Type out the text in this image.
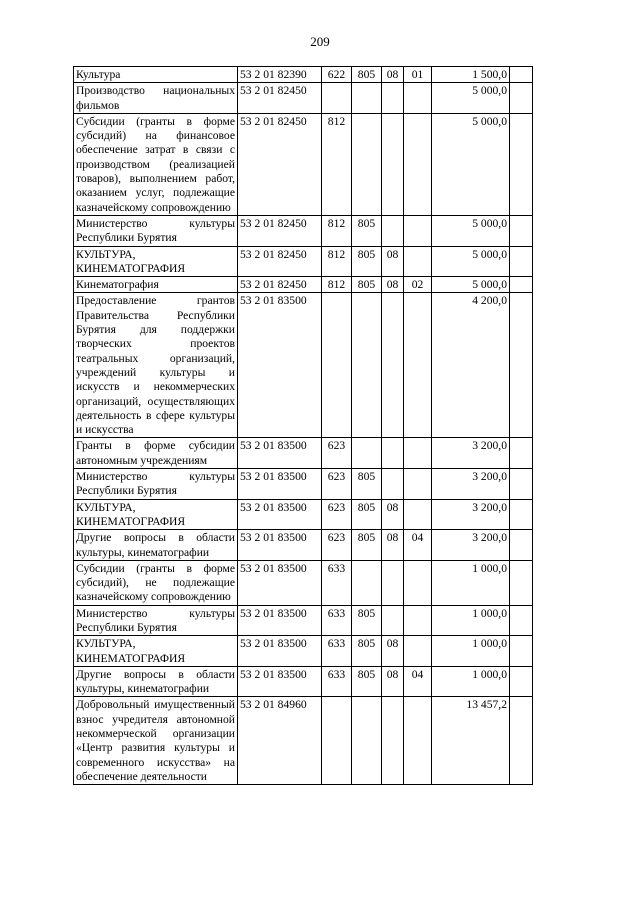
209
Культура	53 2 01 82390	622	805	08	01	1 500,0	
Производство национальных фильмов	53 2 01 82450					5 000,0	
Субсидии (гранты в форме субсидий) на финансовое обеспечение затрат в связи с производством (реализацией товаров), выполнением работ, оказанием услуг, подлежащие казначейскому сопровождению	53 2 01 82450	812				5 000,0	
Министерство культуры Республики Бурятия	53 2 01 82450	812	805			5 000,0	
КУЛЬТУРА, КИНЕМАТОГРАФИЯ	53 2 01 82450	812	805	08		5 000,0	
Кинематография	53 2 01 82450	812	805	08	02	5 000,0	
Предоставление грантов Правительства Республики Бурятия для поддержки творческих проектов театральных организаций, учреждений культуры и искусств и некоммерческих организаций, осуществляющих деятельность в сфере культуры и искусства	53 2 01 83500					4 200,0	
Гранты в форме субсидии автономным учреждениям	53 2 01 83500	623				3 200,0	
Министерство культуры Республики Бурятия	53 2 01 83500	623	805			3 200,0	
КУЛЬТУРА, КИНЕМАТОГРАФИЯ	53 2 01 83500	623	805	08		3 200,0	
Другие вопросы в области культуры, кинематографии	53 2 01 83500	623	805	08	04	3 200,0	
Субсидии (гранты в форме субсидий), не подлежащие казначейскому сопровождению	53 2 01 83500	633				1 000,0	
Министерство культуры Республики Бурятия	53 2 01 83500	633	805			1 000,0	
КУЛЬТУРА, КИНЕМАТОГРАФИЯ	53 2 01 83500	633	805	08		1 000,0	
Другие вопросы в области культуры, кинематографии	53 2 01 83500	633	805	08	04	1 000,0	
Добровольный имущественный взнос учредителя автономной некоммерческой организации «Центр развития культуры и современного искусства» на обеспечение деятельности	53 2 01 84960					13 457,2	
